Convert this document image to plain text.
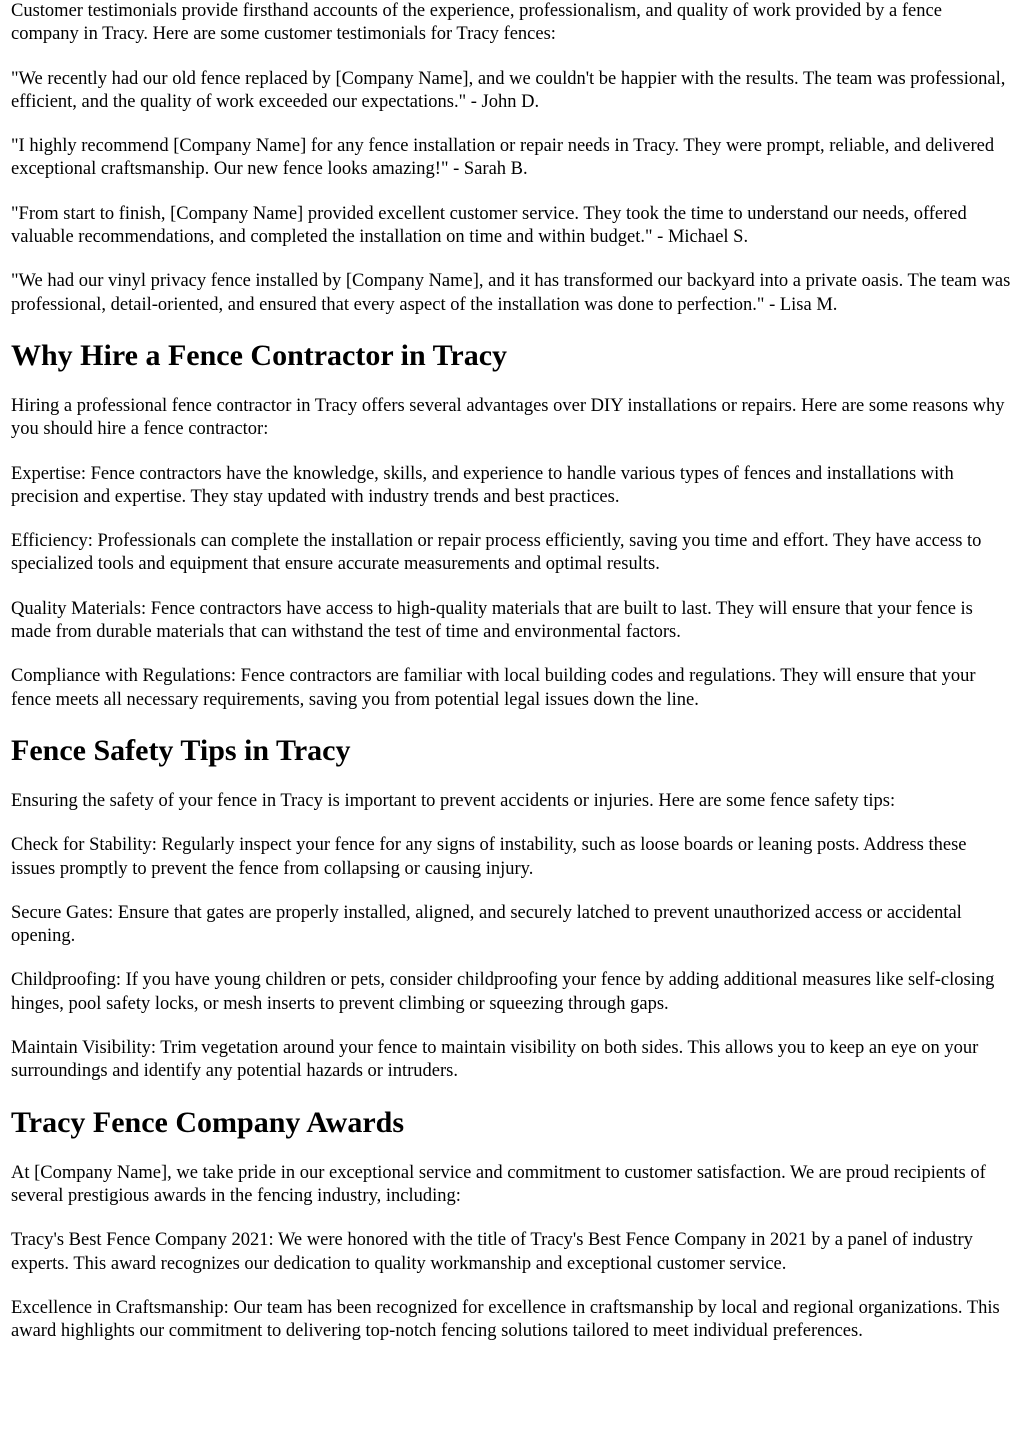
Customer testimonials provide firsthand accounts of the experience, professionalism, and quality of work provided by a fence company in Tracy. Here are some customer testimonials for Tracy fences:

"We recently had our old fence replaced by [Company Name], and we couldn't be happier with the results. The team was professional, efficient, and the quality of work exceeded our expectations." - John D.

"I highly recommend [Company Name] for any fence installation or repair needs in Tracy. They were prompt, reliable, and delivered exceptional craftsmanship. Our new fence looks amazing!" - Sarah B.

"From start to finish, [Company Name] provided excellent customer service. They took the time to understand our needs, offered valuable recommendations, and completed the installation on time and within budget." - Michael S.

"We had our vinyl privacy fence installed by [Company Name], and it has transformed our backyard into a private oasis. The team was professional, detail-oriented, and ensured that every aspect of the installation was done to perfection." - Lisa M.

Why Hire a Fence Contractor in Tracy

Hiring a professional fence contractor in Tracy offers several advantages over DIY installations or repairs. Here are some reasons why you should hire a fence contractor:

Expertise: Fence contractors have the knowledge, skills, and experience to handle various types of fences and installations with precision and expertise. They stay updated with industry trends and best practices.

Efficiency: Professionals can complete the installation or repair process efficiently, saving you time and effort. They have access to specialized tools and equipment that ensure accurate measurements and optimal results.

Quality Materials: Fence contractors have access to high-quality materials that are built to last. They will ensure that your fence is made from durable materials that can withstand the test of time and environmental factors.

Compliance with Regulations: Fence contractors are familiar with local building codes and regulations. They will ensure that your fence meets all necessary requirements, saving you from potential legal issues down the line.

Fence Safety Tips in Tracy

Ensuring the safety of your fence in Tracy is important to prevent accidents or injuries. Here are some fence safety tips:

Check for Stability: Regularly inspect your fence for any signs of instability, such as loose boards or leaning posts. Address these issues promptly to prevent the fence from collapsing or causing injury.

Secure Gates: Ensure that gates are properly installed, aligned, and securely latched to prevent unauthorized access or accidental opening.

Childproofing: If you have young children or pets, consider childproofing your fence by adding additional measures like self-closing hinges, pool safety locks, or mesh inserts to prevent climbing or squeezing through gaps.

Maintain Visibility: Trim vegetation around your fence to maintain visibility on both sides. This allows you to keep an eye on your surroundings and identify any potential hazards or intruders.

Tracy Fence Company Awards

At [Company Name], we take pride in our exceptional service and commitment to customer satisfaction. We are proud recipients of several prestigious awards in the fencing industry, including:

Tracy's Best Fence Company 2021: We were honored with the title of Tracy's Best Fence Company in 2021 by a panel of industry experts. This award recognizes our dedication to quality workmanship and exceptional customer service.

Excellence in Craftsmanship: Our team has been recognized for excellence in craftsmanship by local and regional organizations. This award highlights our commitment to delivering top-notch fencing solutions tailored to meet individual preferences.
